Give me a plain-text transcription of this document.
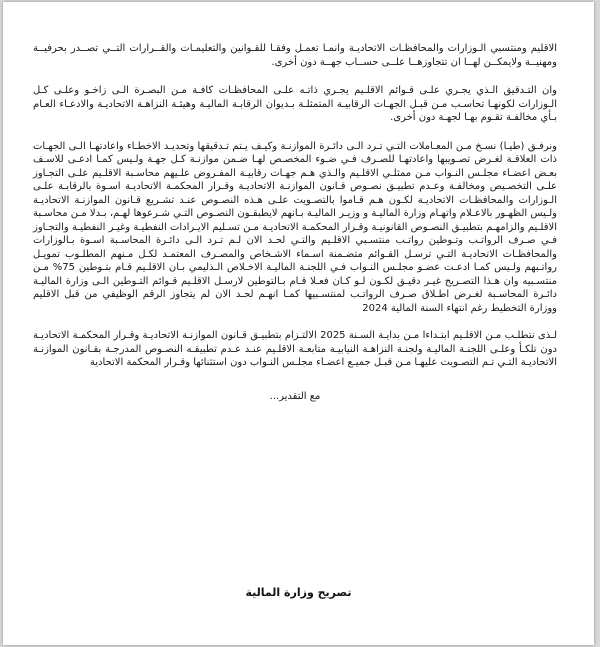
الاقليم ومنتسبي الـوزارات والمحافظـات الاتحاديـة وانمـا تعمـل وفقـا للقـوانين والتعليمـات والقــرارات التــي تصــدر بحرفيــة ومهنيــة ولايمكــن لهــا ان تتجاوزهــا علــى حســاب جهــة دون أخرى.

وان التـدقيق الـذي يجـري علـى قـوائم الاقلـيم يجـري ذاتـه علـى المحافظـات كافـة مـن البصـرة الـى زاخـو وعلـى كـل الـوزارات لكونهـا تحاسـب مـن قبـل الجهـات الرقابيـة المتمثلـة بـديوان الرقابـة الماليـة وهيئـة النزاهـة الاتحاديـة والادعـاء العـام بـأي مخالفـة تقـوم بهـا لجهـة دون أخرى.

ونرفـق (طيـا) نسـخ مـن المعـاملات التـي تـرد الـى دائـرة الموازنـة وكيـف يـتم تـدقيقها وتحديـد الاخطـاء واعادتهـا الـى الجهـات ذات العلاقـة لغـرض تصـويبها واعادتهـا للصـرف فـي ضـوء المخصـص لهـا ضـمن موازنـة كـل جهـة ولـيس كمـا ادعـى للاسـف بعـض اعضـاء مجلـس النـواب مـن ممثلـي الاقلـيم والـذي هـم جهـات رقابيـة المفـروض علـيهم محاسـبة الاقلـيم علـى التجـاوز علـى التخصـيص ومخالفـة وعـدم تطبيـق نصـوص قـانون الموازنـة الاتحاديـة وقـرار المحكمـة الاتحاديـة اسـوة بالرقابـة علـى الـوزارات والمحافظـات الاتحاديـة لكـون هـم قـاموا بالتصـويت علـى هـذه النصـوص عنـد تشـريع قـانون الموازنـة الاتحاديـة ولـيس الظهـور بالاعـلام واتهـام وزارة الماليـة و وزيـر الماليـة بـانهم لايطبقـون النصـوص التـي شـرعوها لهـم، بـدلا مـن محاسـبة الاقلـيم والزامهـم بتطبيـق النصـوص القانونيـة وقـرار المحكمـة الاتحاديـة مـن تسـليم الايـرادات النفطيـة وغيـر النفطيـة والتجـاوز فـي صـرف الرواتـب وتـوطين رواتـب منتسـبي الاقلـيم والتـي لحـد الان لـم تـرد الـى دائـرة المحاسـبة اسـوة بـالوزارات والمحافظـات الاتحاديـة التـي ترسـل القـوائم متضـمنة اسـماء الاشـخاص والمصـرف المعتمـد لكـل مـنهم المطلـوب تمويـل رواتـبهم ولـيس كمـا ادعـت عضـو مجلـس النـواب فـي اللجنـة الماليـة الاخـلاص الـذليمي بـان الاقلـيم قـام بتـوطين 75% مـن منتسـبيه وان هـذا التصـريح غيـر دقيـق لكـون لـو كـان فعـلا قـام بـالتوطين لارسـل الاقلـيم قـوائم التـوطين الـى وزارة الماليـة دائـرة المحاسـبة لغـرض اطـلاق صـرف الرواتـب لمنتسـبيها كمـا انهـم لحـد الان لم يتجاوز الرقم الوظيفي من قبل الاقليم ووزارة التخطيط رغم انتهاء السنة المالية 2024

لـذى نتطلـب مـن الاقلـيم ابتـداءا مـن بدايـة السـنة 2025 الالتـزام بتطبيـق قـانون الموازنـة الاتحاديـة وقـرار المحكمـة الاتحاديـة دون تلكـأ وعلـى اللجنـة الماليـة ولجنـة النزاهـة النيابيـة متابعـة الاقلـيم عنـد عـدم تطبيقـه النصـوص المدرجـة بقـانون الموازنـة الاتحاديـة التـي تـم التصـويت عليهـا مـن قبـل جميـع اعضـاء مجلـس النـواب دون استثنائها وقـرار المحكمة الاتحادية

مع التقدير...

تصريح وزارة المالية
